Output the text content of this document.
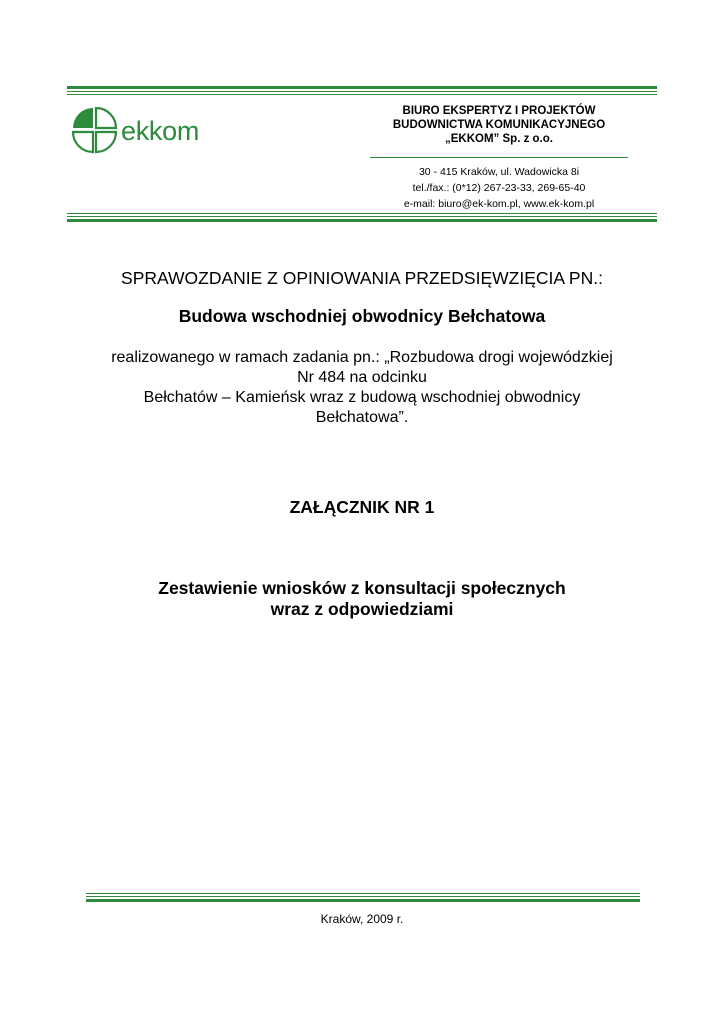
ekkom
BIURO EKSPERTYZ I PROJEKTÓW
BUDOWNICTWA KOMUNIKACYJNEGO
„EKKOM” Sp. z o.o.
30 - 415 Kraków, ul. Wadowicka 8i
tel./fax.: (0*12) 267-23-33, 269-65-40
e-mail: biuro@ek-kom.pl, www.ek-kom.pl
SPRAWOZDANIE Z OPINIOWANIA PRZEDSIĘWZIĘCIA PN.:
Budowa wschodniej obwodnicy Bełchatowa
realizowanego w ramach zadania pn.: „Rozbudowa drogi wojewódzkiej
Nr 484 na odcinku
Bełchatów – Kamieńsk wraz z budową wschodniej obwodnicy
Bełchatowa”.
ZAŁĄCZNIK NR 1
Zestawienie wniosków z konsultacji społecznych
wraz z odpowiedziami
Kraków, 2009 r.
